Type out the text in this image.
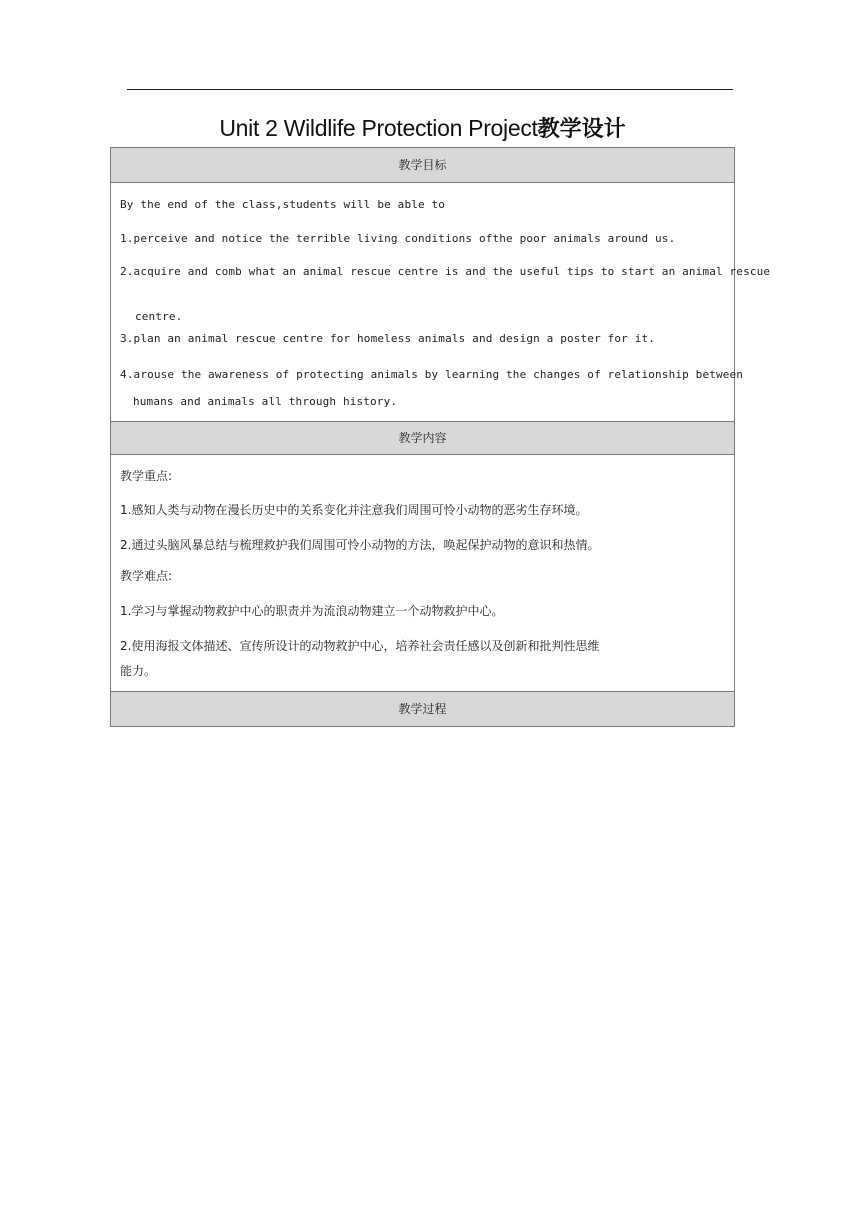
Unit 2 Wildlife Protection Project教学设计
教学目标

By the end of the class,students will be able to
1.perceive and notice the terrible living conditions ofthe poor animals around us.
2.acquire and comb what an animal rescue centre is and the useful tips to start an animal rescue
centre.
3.plan an animal rescue centre for homeless animals and design a poster for it.
4.arouse the awareness of protecting animals by learning the changes of relationship between
humans and animals all through history.

教学内容

教学重点:
1.感知人类与动物在漫长历史中的关系变化并注意我们周围可怜小动物的恶劣生存环境。
2.通过头脑风暴总结与梳理救护我们周围可怜小动物的方法，唤起保护动物的意识和热情。
教学难点:
1.学习与掌握动物救护中心的职责并为流浪动物建立一个动物救护中心。
2.使用海报文体描述、宣传所设计的动物救护中心，培养社会责任感以及创新和批判性思维
能力。

教学过程
